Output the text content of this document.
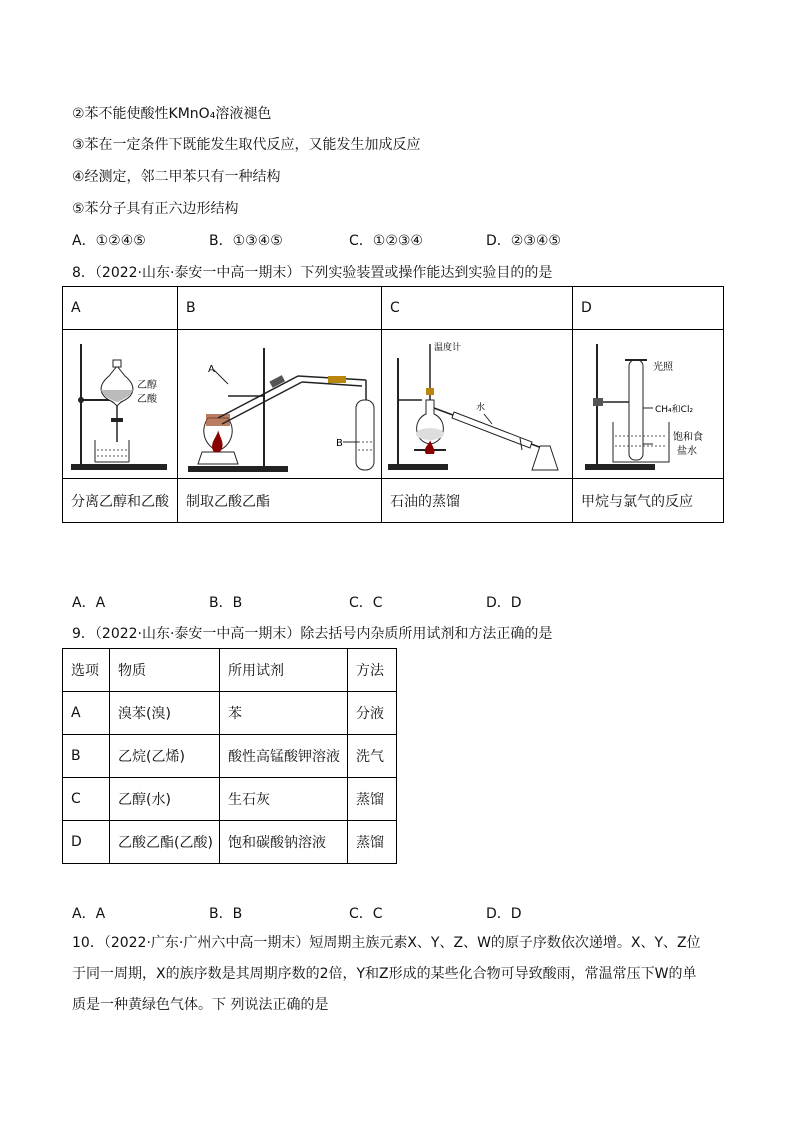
②苯不能使酸性KMnO₄溶液褪色
③苯在一定条件下既能发生取代反应，又能发生加成反应
④经测定，邻二甲苯只有一种结构
⑤苯分子具有正六边形结构
A．①②④⑤	B．①③④⑤	C．①②③④	D．②③④⑤
8．（2022·山东·泰安一中高一期末）下列实验装置或操作能达到实验目的的是
A	B	C	D

乙醇
乙酸	A
B	温度计
水	光照
CH₄和Cl₂
饱和食
盐水

分离乙醇和乙酸	制取乙酸乙酯	石油的蒸馏	甲烷与氯气的反应
A．A	B．B	C．C	D．D
9．（2022·山东·泰安一中高一期末）除去括号内杂质所用试剂和方法正确的是
选项	物质	所用试剂	方法
A	溴苯(溴)	苯	分液
B	乙烷(乙烯)	酸性高锰酸钾溶液	洗气
C	乙醇(水)	生石灰	蒸馏
D	乙酸乙酯(乙酸)	饱和碳酸钠溶液	蒸馏
A．A	B．B	C．C	D．D
10．（2022·广东·广州六中高一期末）短周期主族元素X、Y、Z、W的原子序数依次递增。X、Y、Z位
于同一周期，X的族序数是其周期序数的2倍，Y和Z形成的某些化合物可导致酸雨，常温常压下W的单
质是一种黄绿色气体。下 列说法正确的是
